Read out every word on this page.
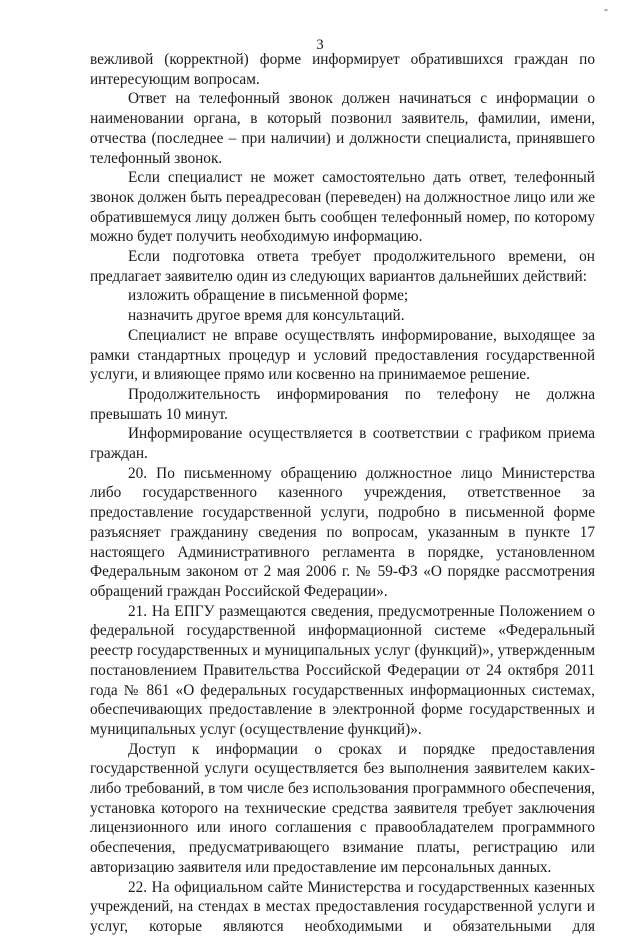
-
3

вежливой (корректной) форме информирует обратившихся граждан по интересующим вопросам.

Ответ на телефонный звонок должен начинаться с информации о наименовании органа, в который позвонил заявитель, фамилии, имени, отчества (последнее – при наличии) и должности специалиста, принявшего телефонный звонок.

Если специалист не может самостоятельно дать ответ, телефонный звонок должен быть переадресован (переведен) на должностное лицо или же обратившемуся лицу должен быть сообщен телефонный номер, по которому можно будет получить необходимую информацию.

Если подготовка ответа требует продолжительного времени, он предлагает заявителю один из следующих вариантов дальнейших действий:

изложить обращение в письменной форме;

назначить другое время для консультаций.

Специалист не вправе осуществлять информирование, выходящее за рамки стандартных процедур и условий предоставления государственной услуги, и влияющее прямо или косвенно на принимаемое решение.

Продолжительность информирования по телефону не должна превышать 10 минут.

Информирование осуществляется в соответствии с графиком приема граждан.

20. По письменному обращению должностное лицо Министерства либо государственного казенного учреждения, ответственное за предоставление государственной услуги, подробно в письменной форме разъясняет гражданину сведения по вопросам, указанным в пункте 17 настоящего Административного регламента в порядке, установленном Федеральным законом от 2 мая 2006 г. № 59-ФЗ «О порядке рассмотрения обращений граждан Российской Федерации».

21. На ЕПГУ размещаются сведения, предусмотренные Положением о федеральной государственной информационной системе «Федеральный реестр государственных и муниципальных услуг (функций)», утвержденным постановлением Правительства Российской Федерации от 24 октября 2011 года № 861 «О федеральных государственных информационных системах, обеспечивающих предоставление в электронной форме государственных и муниципальных услуг (осуществление функций)».

Доступ к информации о сроках и порядке предоставления государственной услуги осуществляется без выполнения заявителем каких-либо требований, в том числе без использования программного обеспечения, установка которого на технические средства заявителя требует заключения лицензионного или иного соглашения с правообладателем программного обеспечения, предусматривающего взимание платы, регистрацию или авторизацию заявителя или предоставление им персональных данных.

22. На официальном сайте Министерства и государственных казенных учреждений, на стендах в местах предоставления государственной услуги и услуг, которые являются необходимыми и обязательными для
